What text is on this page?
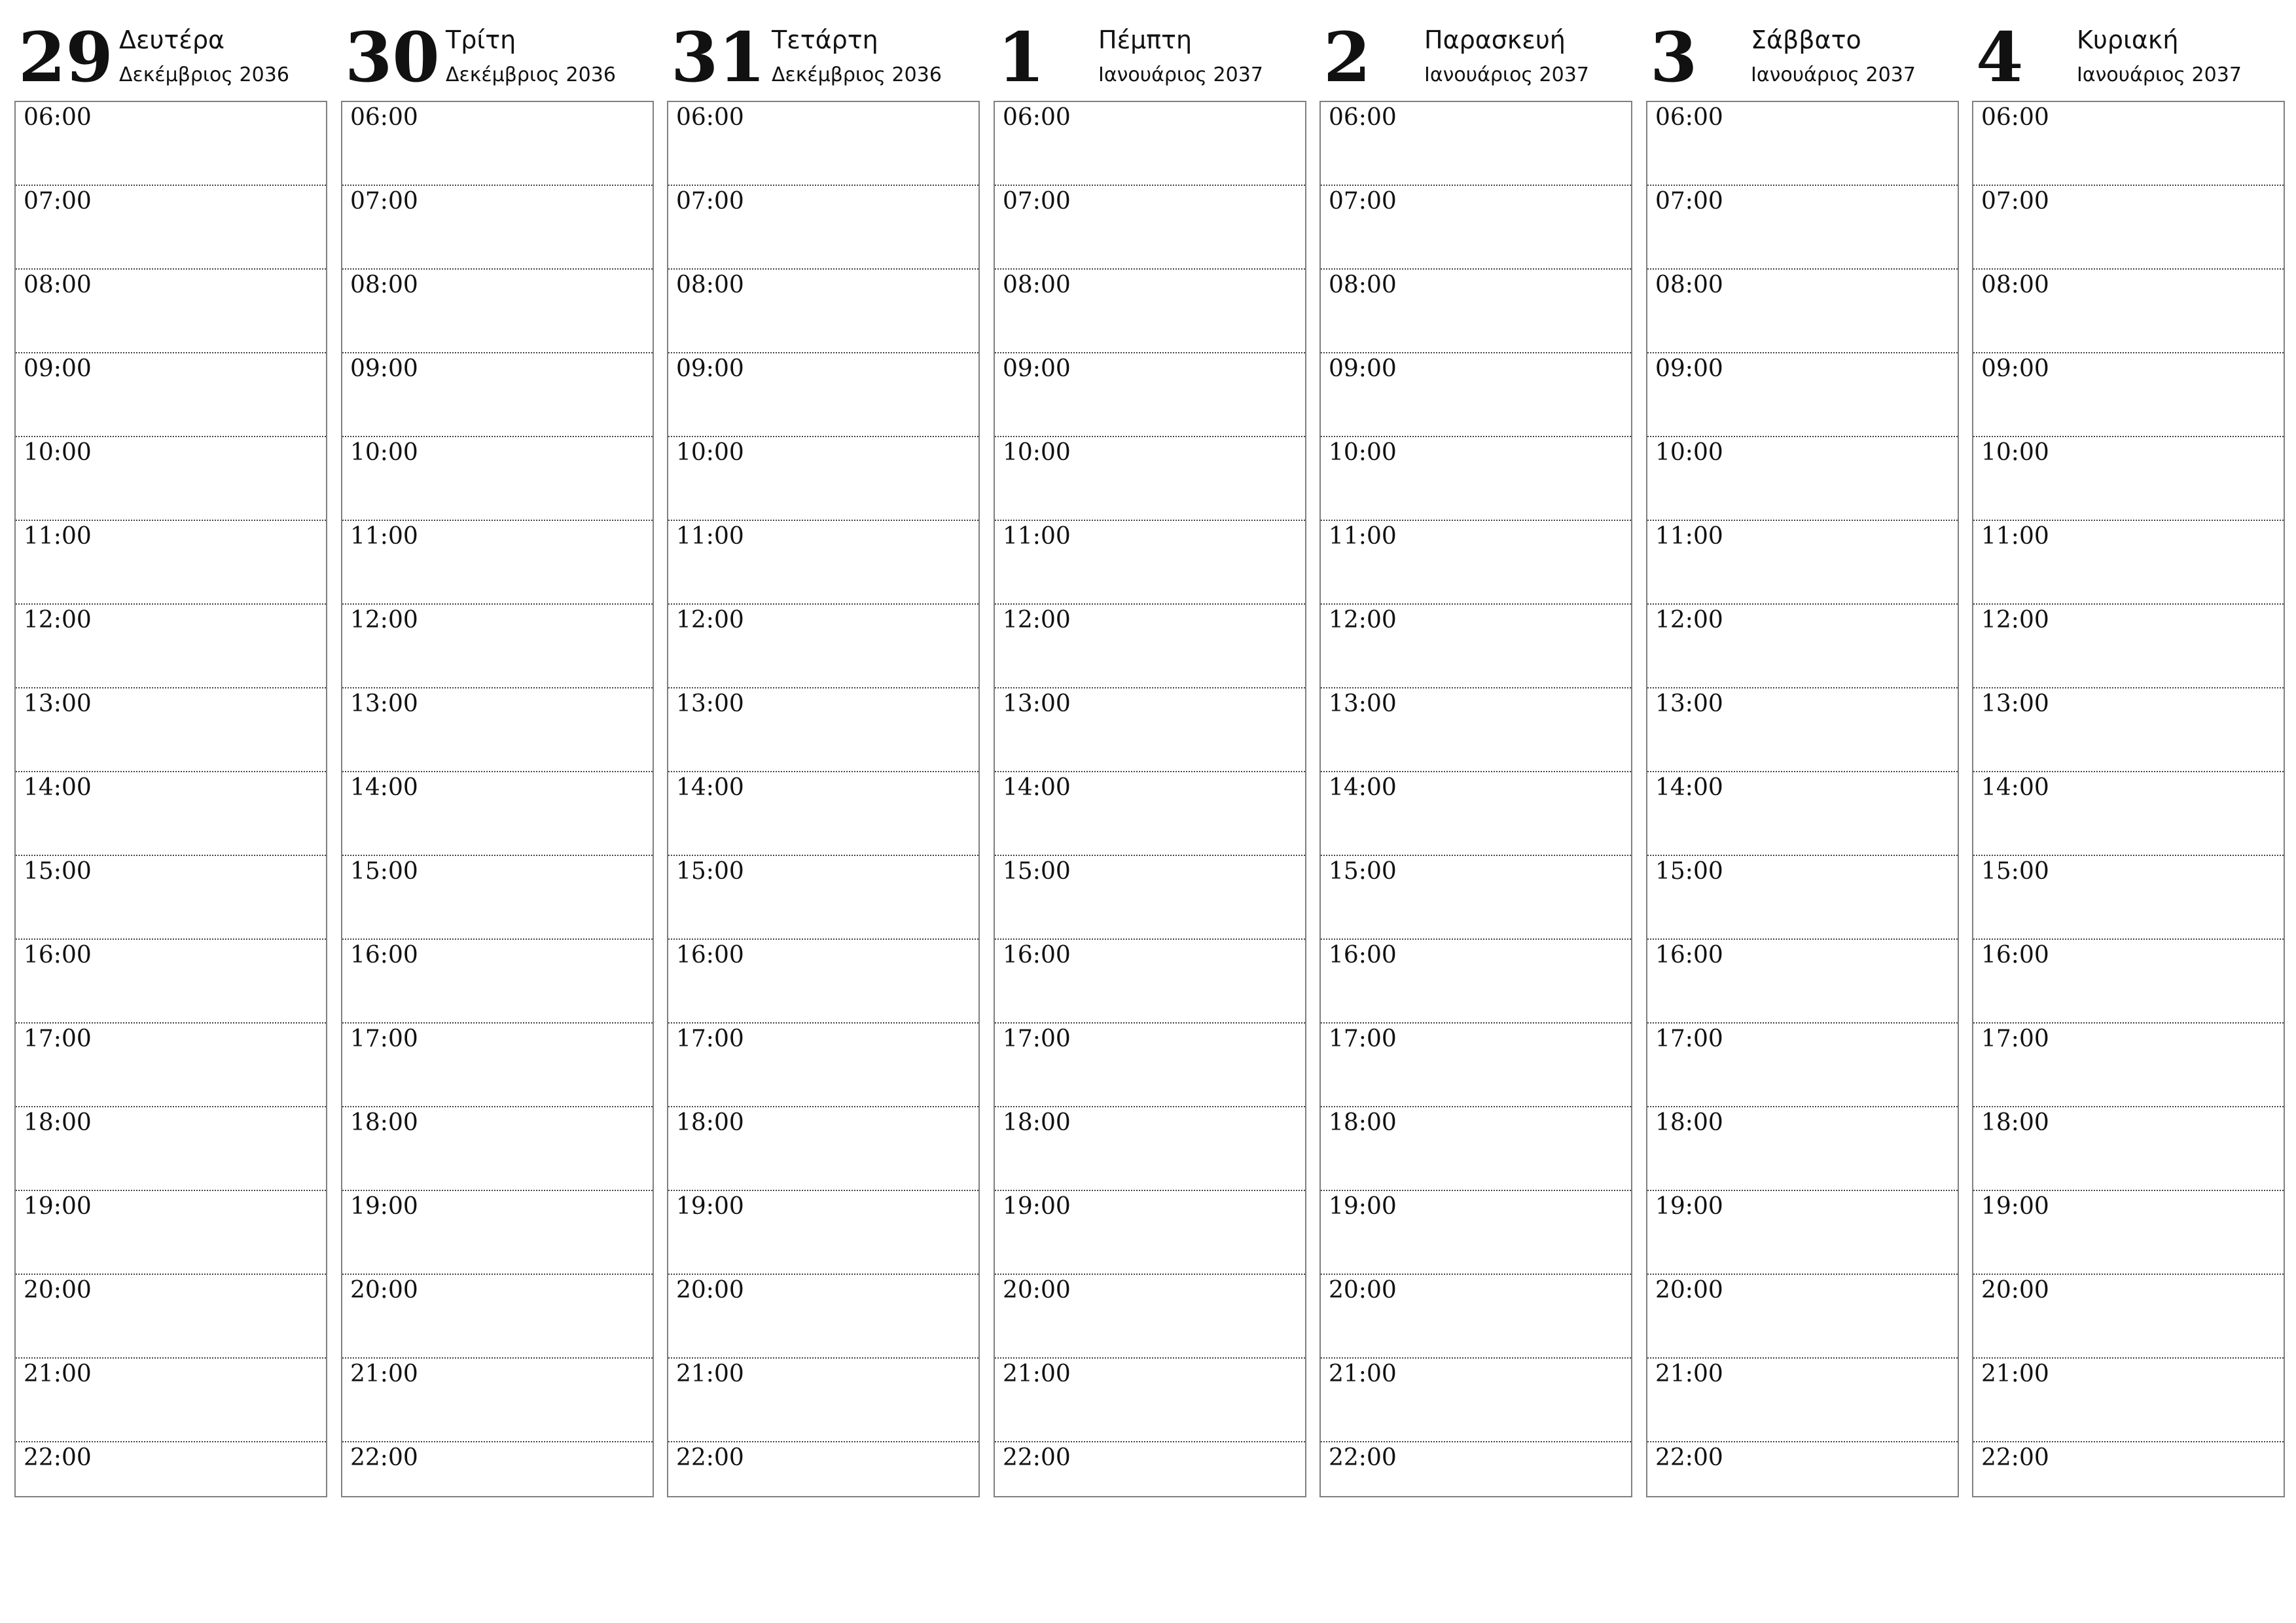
29 Δευτέρα
Δεκέμβριος 2036
06:00
07:00
08:00
09:00
10:00
11:00
12:00
13:00
14:00
15:00
16:00
17:00
18:00
19:00
20:00
21:00
22:00
30 Τρίτη
Δεκέμβριος 2036
06:00
07:00
08:00
09:00
10:00
11:00
12:00
13:00
14:00
15:00
16:00
17:00
18:00
19:00
20:00
21:00
22:00
31 Τετάρτη
Δεκέμβριος 2036
06:00
07:00
08:00
09:00
10:00
11:00
12:00
13:00
14:00
15:00
16:00
17:00
18:00
19:00
20:00
21:00
22:00
1 Πέμπτη
Ιανουάριος 2037
06:00
07:00
08:00
09:00
10:00
11:00
12:00
13:00
14:00
15:00
16:00
17:00
18:00
19:00
20:00
21:00
22:00
2 Παρασκευή
Ιανουάριος 2037
06:00
07:00
08:00
09:00
10:00
11:00
12:00
13:00
14:00
15:00
16:00
17:00
18:00
19:00
20:00
21:00
22:00
3 Σάββατο
Ιανουάριος 2037
06:00
07:00
08:00
09:00
10:00
11:00
12:00
13:00
14:00
15:00
16:00
17:00
18:00
19:00
20:00
21:00
22:00
4 Κυριακή
Ιανουάριος 2037
06:00
07:00
08:00
09:00
10:00
11:00
12:00
13:00
14:00
15:00
16:00
17:00
18:00
19:00
20:00
21:00
22:00
